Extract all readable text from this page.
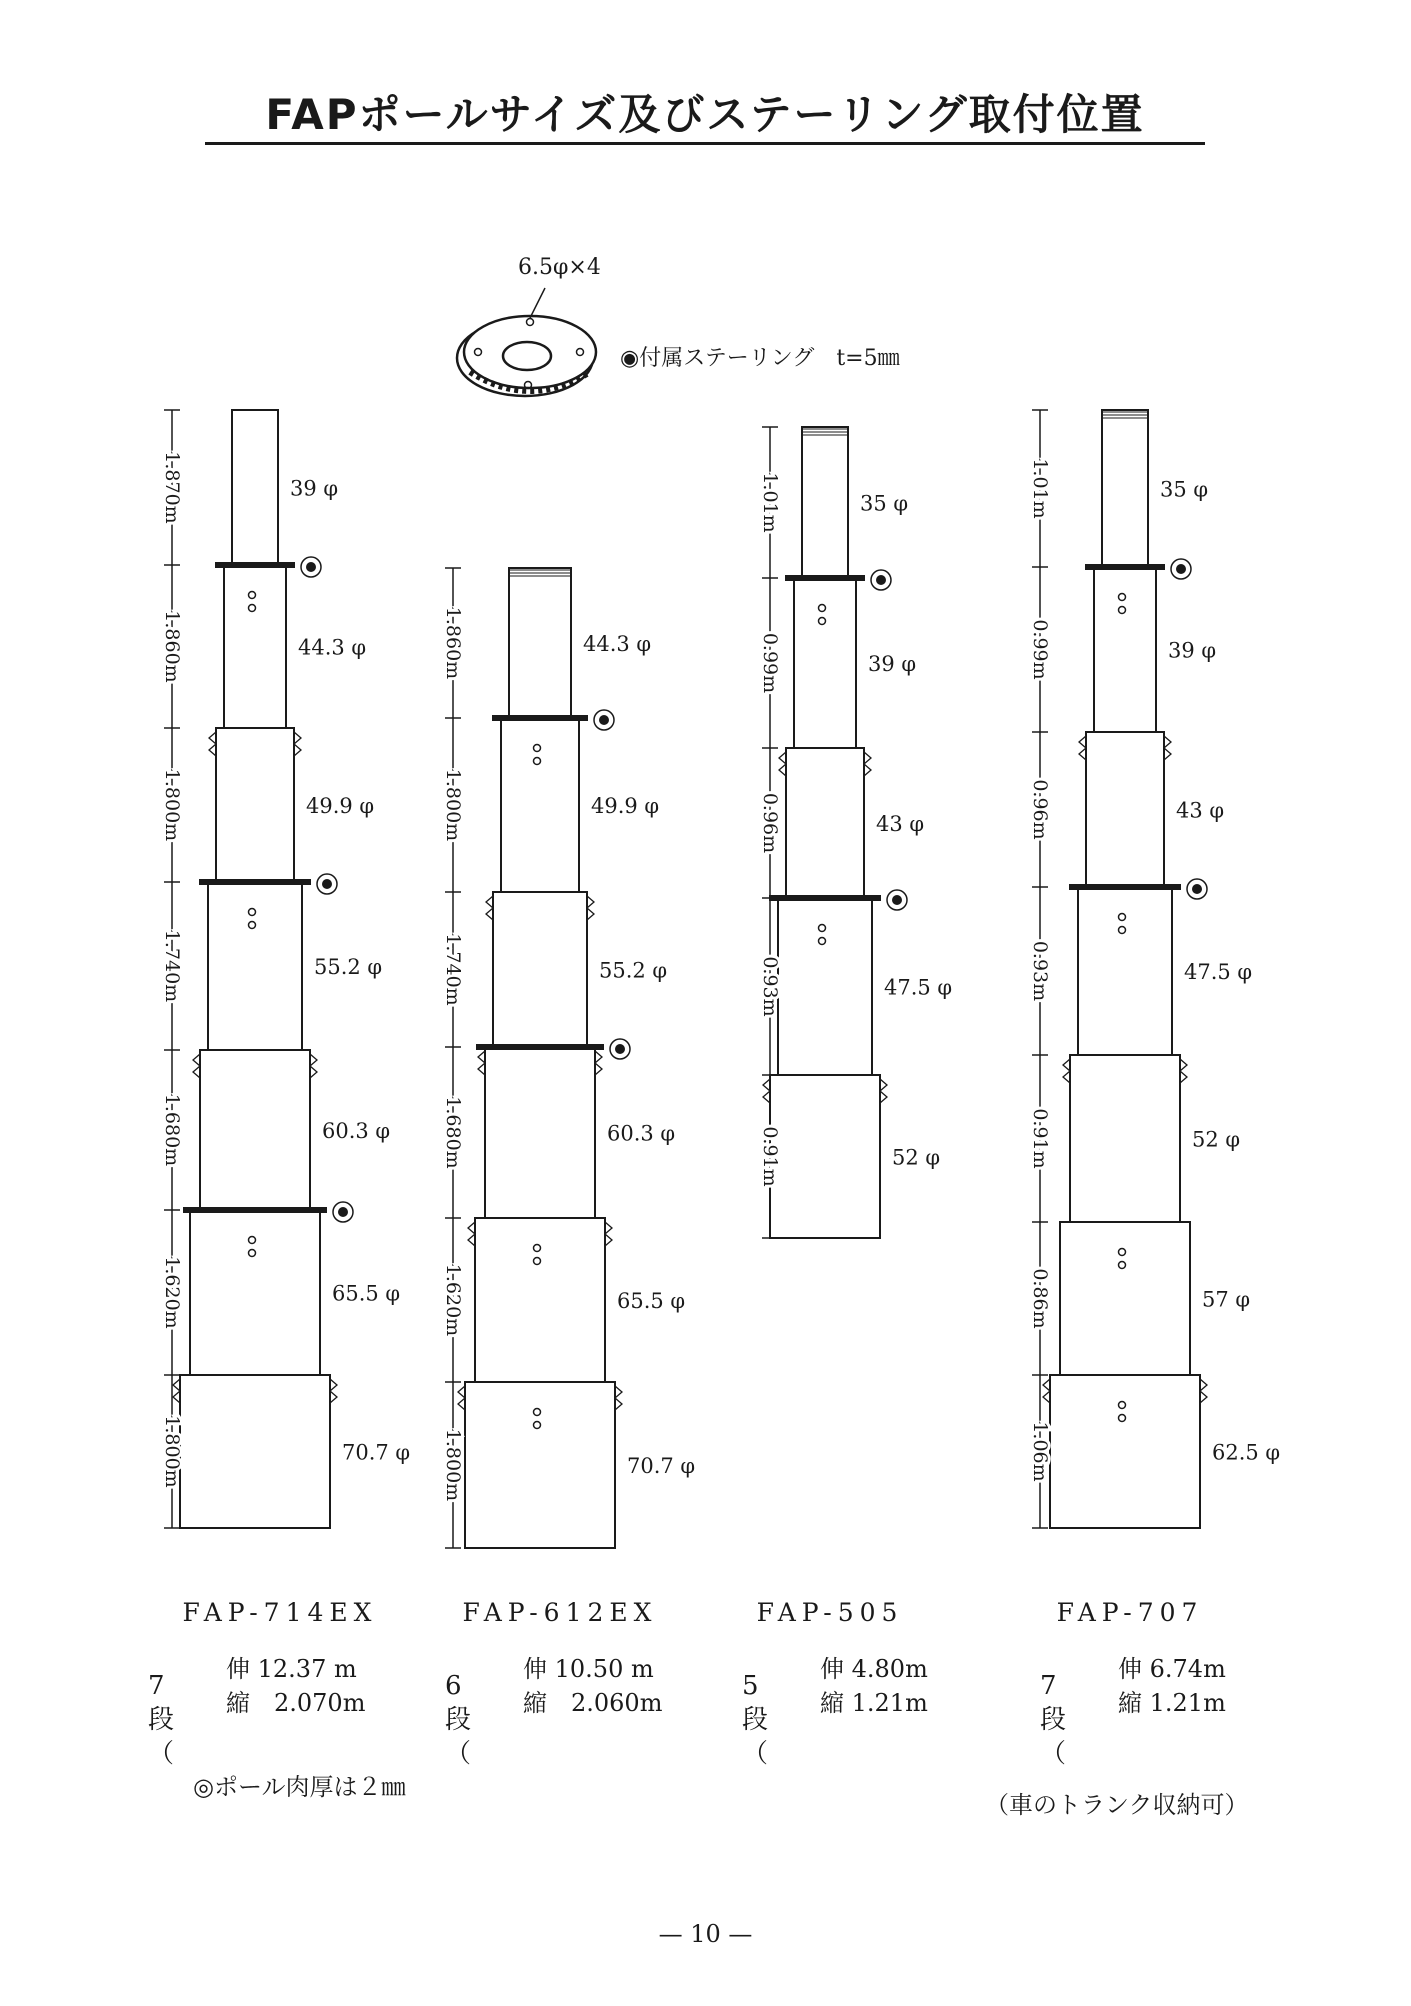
FAPポールサイズ及びステーリング取付位置
6.5φ×4
◉付属ステーリング　t=5㎜
39 φ
1.870m
44.3 φ
1.860m
49.9 φ
1.800m
55.2 φ
1.740m
60.3 φ
1.680m
65.5 φ
1.620m
70.7 φ
1.800m
44.3 φ
1.860m
49.9 φ
1.800m
55.2 φ
1.740m
60.3 φ
1.680m
65.5 φ
1.620m
70.7 φ
1.800m
35 φ
1.01m
39 φ
0.99m
43 φ
0.96m
47.5 φ
0.93m
52 φ
0.91m
35 φ
1.01m
39 φ
0.99m
43 φ
0.96m
47.5 φ
0.93m
52 φ
0.91m
57 φ
0.86m
62.5 φ
1.06m
FAP-714EX	FAP-612EX	FAP-505	FAP-707
7段（
伸 12.37 m
縮　2.070m
6段（
伸 10.50 m
縮　2.060m
5段（
伸 4.80m
縮 1.21m
7段（
伸 6.74m
縮 1.21m
◎ポール肉厚は２㎜
（車のトランク収納可）
— 10 —
